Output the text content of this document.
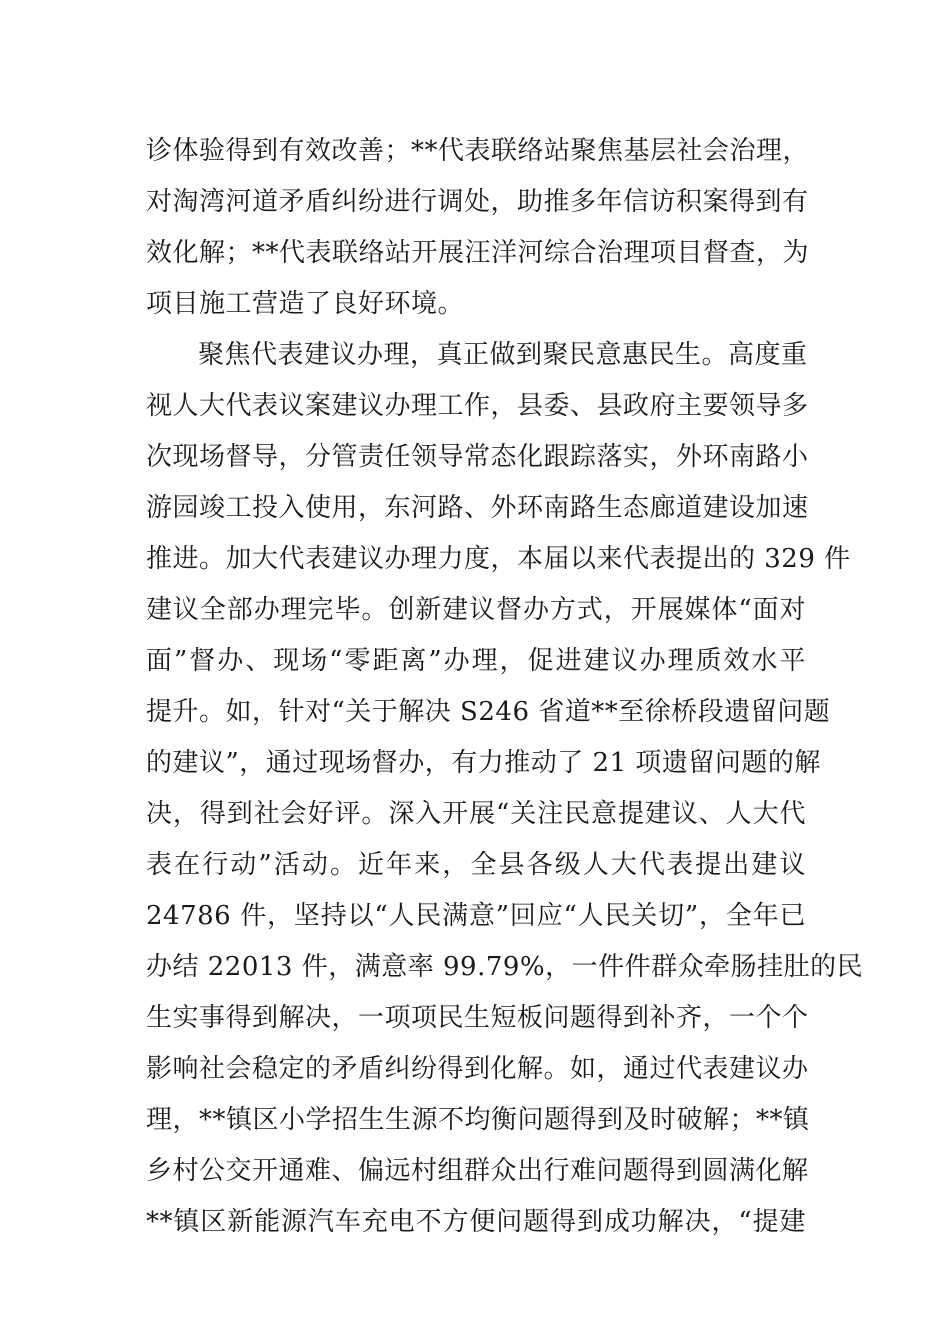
诊体验得到有效改善；**代表联络站聚焦基层社会治理，
对淘湾河道矛盾纠纷进行调处，助推多年信访积案得到有
效化解；**代表联络站开展汪洋河综合治理项目督查，为
项目施工营造了良好环境。
聚焦代表建议办理，真正做到聚民意惠民生。高度重
视人大代表议案建议办理工作，县委、县政府主要领导多
次现场督导，分管责任领导常态化跟踪落实，外环南路小
游园竣工投入使用，东河路、外环南路生态廊道建设加速
推进。加大代表建议办理力度，本届以来代表提出的 329 件
建议全部办理完毕。创新建议督办方式，开展媒体“面对
面”督办、现场“零距离”办理，促进建议办理质效水平
提升。如，针对“关于解决 S246 省道**至徐桥段遗留问题
的建议”，通过现场督办，有力推动了 21 项遗留问题的解
决，得到社会好评。深入开展“关注民意提建议、人大代
表在行动”活动。近年来，全县各级人大代表提出建议
24786 件，坚持以“人民满意”回应“人民关切”，全年已
办结 22013 件，满意率 99.79%，一件件群众牵肠挂肚的民
生实事得到解决，一项项民生短板问题得到补齐，一个个
影响社会稳定的矛盾纠纷得到化解。如，通过代表建议办
理，**镇区小学招生生源不均衡问题得到及时破解；**镇
乡村公交开通难、偏远村组群众出行难问题得到圆满化解
**镇区新能源汽车充电不方便问题得到成功解决，“提建
